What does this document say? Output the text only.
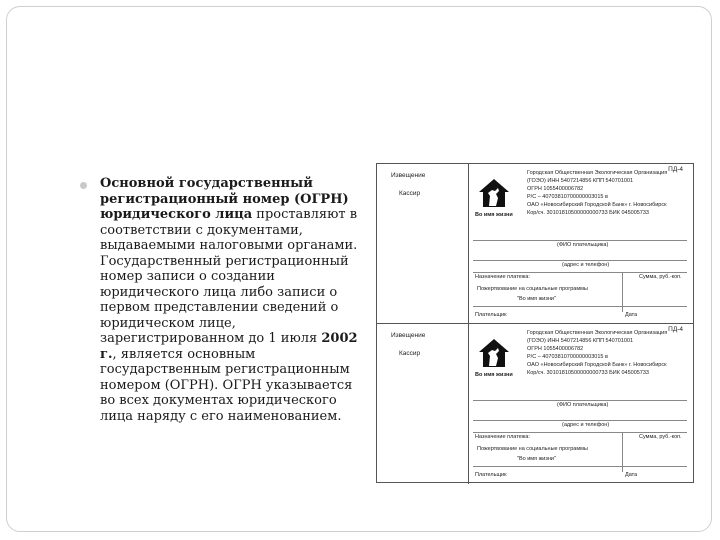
Основной государственный регистрационный номер (ОГРН) юридического лица проставляют в соответствии с документами, выдаваемыми налоговыми органами. Государственный регистрационный номер записи о создании юридического лица либо записи о первом представлении сведений о юридическом лице, зарегистрированном до 1 июля 2002 г., является основным государственным регистрационным номером (ОГРН). ОГРН указывается во всех документах юридического лица наряду с его наименованием.
Извещение
Кассир
ПД-4
Во имя жизни
Городская Общественная Экологическая Организация
(ГОЭО) ИНН 5407214856 КПП 540701001
ОГРН 1055400006782
Р/С – 40703810700000003015 в
ОАО «Новосибирский Городской Банк» г. Новосибирск
Кор/сч. 30101810500000000733 БИК 045005733
(ФИО плательщика)
(адрес и телефон)
Назначение платежа:	Сумма, руб.-коп.
Пожертвование на социальные программы
"Во имя жизни"
Плательщик	Дата
Извещение
Кассир
ПД-4
Во имя жизни
Городская Общественная Экологическая Организация
(ГОЭО) ИНН 5407214856 КПП 540701001
ОГРН 1055400006782
Р/С – 40703810700000003015 в
ОАО «Новосибирский Городской Банк» г. Новосибирск
Кор/сч. 30101810500000000733 БИК 045005733
(ФИО плательщика)
(адрес и телефон)
Назначение платежа:	Сумма, руб.-коп.
Пожертвование на социальные программы
"Во имя жизни"
Плательщик	Дата
